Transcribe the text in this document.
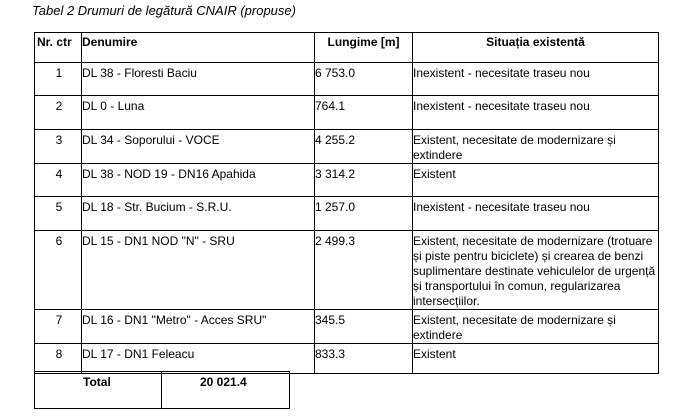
Tabel 2 Drumuri de legătură CNAIR (propuse)
Nr. ctr	Denumire	Lungime [m]	Situația existentă
1	DL 38 - Floresti Baciu	6 753.0	Inexistent - necesitate traseu nou
2	DL 0 - Luna	764.1	Inexistent - necesitate traseu nou
3	DL 34 - Soporului - VOCE	4 255.2	Existent, necesitate de modernizare și extindere
4	DL 38 - NOD 19 - DN16 Apahida	3 314.2	Existent
5	DL 18 - Str. Bucium - S.R.U.	1 257.0	Inexistent - necesitate traseu nou
6	DL 15 - DN1 NOD "N" - SRU	2 499.3	Existent, necesitate de modernizare (trotuare și piste pentru biciclete) și crearea de benzi suplimentare destinate vehiculelor de urgență și transportului în comun, regularizarea intersecțiilor.
7	DL 16 - DN1 "Metro" - Acces SRU"	345.5	Existent, necesitate de modernizare și extindere
8	DL 17 - DN1 Feleacu	833.3	Existent
Total	20 021.4
